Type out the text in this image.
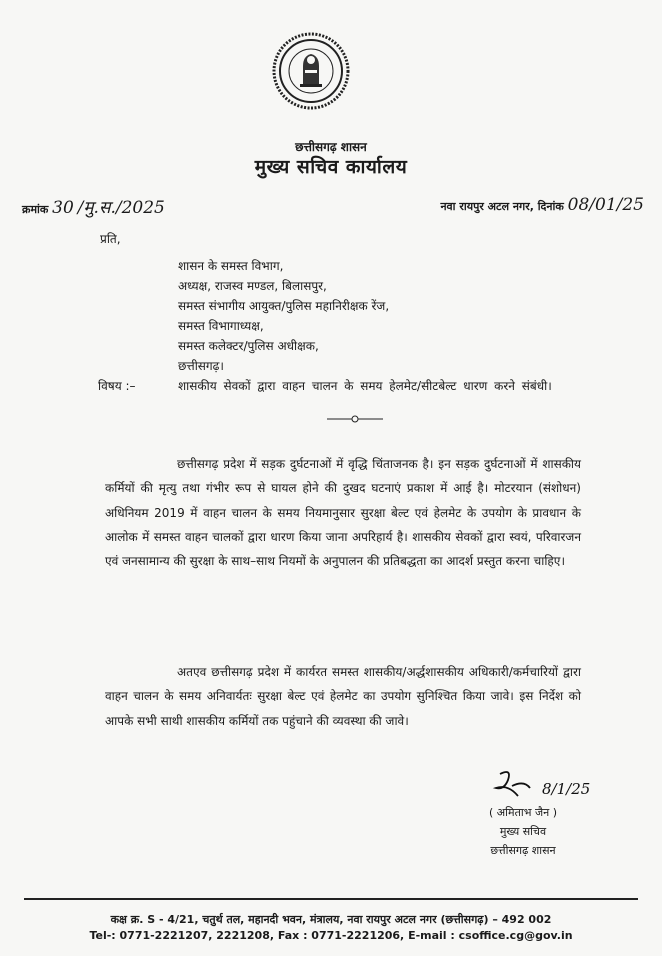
छत्तीसगढ़ शासन
मुख्य सचिव कार्यालय
क्रमांक 30 /मु.स./2025	नवा रायपुर अटल नगर, दिनांक 08/01/25
प्रति,
शासन के समस्त विभाग,
अध्यक्ष, राजस्व मण्डल, बिलासपुर,
समस्त संभागीय आयुक्त/पुलिस महानिरीक्षक रेंज,
समस्त विभागाध्यक्ष,
समस्त कलेक्टर/पुलिस अधीक्षक,
छत्तीसगढ़।
विषय :–	शासकीय सेवकों द्वारा वाहन चालन के समय हेलमेट/सीटबेल्ट धारण करने संबंधी।
छत्तीसगढ़ प्रदेश में सड़क दुर्घटनाओं में वृद्धि चिंताजनक है। इन सड़क दुर्घटनाओं में शासकीय कर्मियों की मृत्यु तथा गंभीर रूप से घायल होने की दुखद घटनाएं प्रकाश में आई है। मोटरयान (संशोधन) अधिनियम 2019 में वाहन चालन के समय नियमानुसार सुरक्षा बेल्ट एवं हेलमेट के उपयोग के प्रावधान के आलोक में समस्त वाहन चालकों द्वारा धारण किया जाना अपरिहार्य है। शासकीय सेवकों द्वारा स्वयं, परिवारजन एवं जनसामान्य की सुरक्षा के साथ–साथ नियमों के अनुपालन की प्रतिबद्धता का आदर्श प्रस्तुत करना चाहिए।
अतएव छत्तीसगढ़ प्रदेश में कार्यरत समस्त शासकीय/अर्द्धशासकीय अधिकारी/कर्मचारियों द्वारा वाहन चालन के समय अनिवार्यतः सुरक्षा बेल्ट एवं हेलमेट का उपयोग सुनिश्चित किया जावे। इस निर्देश को आपके सभी साथी शासकीय कर्मियों तक पहुंचाने की व्यवस्था की जावे।
8/1/25
( अमिताभ जैन )
मुख्य सचिव
छत्तीसगढ़ शासन
कक्ष क्र. S - 4/21, चतुर्थ तल, महानदी भवन, मंत्रालय, नवा रायपुर अटल नगर (छत्तीसगढ़) – 492 002
Tel-: 0771-2221207, 2221208, Fax : 0771-2221206, E-mail : csoffice.cg@gov.in
